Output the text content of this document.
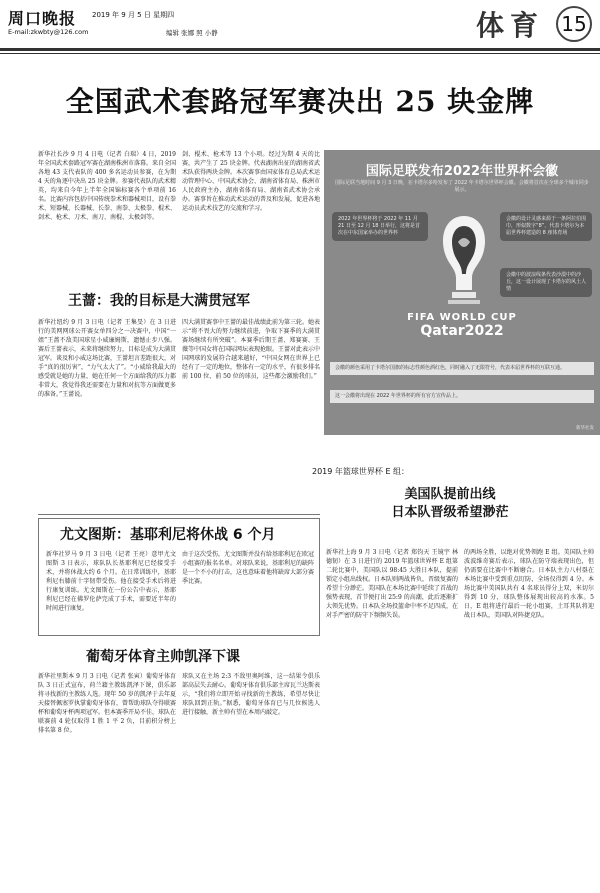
周口晚报
E-mail:zkwbty@126.com
2019 年 9 月 5 日 星期四
编辑 张娜 照 小静	体育 15
全国武术套路冠军赛决出 25 块金牌
新华社长沙 9 月 4 日电（记者 白瑞）4 日，2019 年全国武术套路冠军赛在湖南株洲市落幕。来自全国各地 43 支代表队的 400 多名运动员参赛，在为期 4 天的角逐中决出 25 块金牌。参赛代表队的武术精英，均来自今年上半年全国锦标赛各个单项前 16 名。比赛内容包括中国传统拳术和器械项目，设有拳术、短器械、长器械、长拳、南拳、太极拳、棍术、剑术、枪术、刀术、南刀、南棍、太极剑等。
剑、棍术、枪术等 13 个小项。经过为期 4 天的比赛，共产生了 25 块金牌。代表湖南出征的湖南省武术队获得两块金牌。本次赛事由国家体育总局武术运动管理中心、中国武术协会、湖南省体育局、株洲市人民政府主办，湖南省体育局、湖南省武术协会承办。赛事旨在推动武术运动的普及和发展，促进各地运动员武术技艺的交流和学习。
国际足联发布2022年世界杯会徽
国际足联当地时间 9 月 3 日晚，在卡塔尔多哈发布了 2022 年卡塔尔世界杯会徽。会徽将首次在全球多个城市同步展示。
2022 年世界杯将于 2022 年 11 月 21 日至 12 月 18 日举行，这将是首次在中东国家举办的世界杯
会徽的设计灵感来源于一条阿拉伯围巾，形似数字“8”，代表卡塔尔为本届世界杯建造的 8 座体育场
会徽中的波浪线条代表沙漠中的沙丘，这一设计展现了卡塔尔的风土人情
FIFA WORLD CUP
Qatar2022
会徽的颜色采用了卡塔尔国旗的标志性颜色酒红色，同时融入了无限符号，代表本届世界杯的互联互通。
这一会徽将出现在 2022 年世界杯的所有官方宣传品上。
新华社发
王蔷：我的目标是大满贯冠军
新华社纽约 9 月 3 日电（记者 王集旻）在 3 日进行的美网网球公开赛女单四分之一决赛中，中国“一姐”王蔷不敌美国球星小威廉姆斯，遗憾止步八强。赛后王蔷表示，未来将继续努力，目标是成为大满贯冠军。谈及和小威这场比赛，王蔷坦言差距很大，对手“真的很厉害”，“力气太大了”。“小威给我最大的感受就是她的力量，她在任何一个方面给我的压力都非常大，我觉得我还需要在力量和对抗等方面做更多的准备。”王蔷说。
四大满贯赛事中王蔷的最佳战绩此前为第三轮。她表示“将不畏大的努力继续前进，争取下赛季的大满贯赛场继续有所突破”。本赛季后期王蔷、郑赛赛、王薇等中国女将在国际网坛表现抢眼。王蔷对此表示中国网球的发展符合越来越好，“中国女网在世界上已经有了一定的地位，整体有一定的水平，有很多排名前 100 位、前 50 位的球员，这些都会激励我们。”
尤文图斯：基耶利尼将休战 6 个月
新华社罗马 9 月 3 日电（记者 王亮）意甲尤文图斯 3 日表示，球队队长基耶利尼已经接受手术，并将休战大约 6 个月。在日常训练中，基耶利尼右膝前十字韧带受伤。他在接受手术后将进行康复训练。尤文图斯在一份公告中表示，基耶利尼已经在佛罗伦萨完成了手术，需要近半年的时间进行康复。
由于这次受伤，尤文图斯并没有给基耶利尼在欧冠小组赛的报名名单。对球队来说，基耶利尼的缺阵是一个不小的打击，这也意味着他将缺席大部分赛季比赛。
葡萄牙体育主帅凯泽下课
新华社里斯本 9 月 3 日电（记者 张寅）葡萄牙体育队 3 日正式宣布，荷兰籍主教练凯泽下课，俱乐部将寻找新的主教练人选。现年 50 岁的凯泽于去年夏天接替佩塞罗执掌葡萄牙体育，曾帮助球队夺得联赛杯和葡萄牙杯两项冠军。但本赛季开局不佳，球队在联赛前 4 轮仅取得 1 胜 1 平 2 负，目前积分榜上排名第 8 位。
球队又在主场 2:3 不敌里奥阿维，这一结果令俱乐部高层失去耐心。葡萄牙体育俱乐部主席瓦兰达斯表示，“我们将立即开始寻找新的主教练，希望尽快让球队回到正轨。”据悉，葡萄牙体育已与几位候选人进行接触，新主帅有望在本周内敲定。
2019 年篮球世界杯 E 组：
美国队提前出线
日本队晋级希望渺茫
新华社上海 9 月 3 日电（记者 郑钧天 王镜宇 林德韧）在 3 日进行的 2019 年篮球世界杯 E 组第二轮比赛中，美国队以 98:45 大胜日本队，提前锁定小组出线权。日本队则两战皆负，晋级复赛的希望十分渺茫。美国队在本场比赛中延续了首战的强势表现，首节便打出 25:9 的高潮，此后逐渐扩大领先优势。日本队全场投篮命中率不足四成，在对手严密的防守下频频失误。
的两场全胜，以绝对优势领跑 E 组。美国队主帅波波维奇赛后表示，球队在防守端表现出色，但仍需要在比赛中不断磨合。日本队主力八村塁在本场比赛中受到重点盯防，全场仅得到 4 分。本场比赛中美国队共有 4 名球员得分上双，米切尔得到 10 分，球队整体展现出较高的水准。5 日，E 组将进行最后一轮小组赛，土耳其队将迎战日本队，美国队对阵捷克队。
